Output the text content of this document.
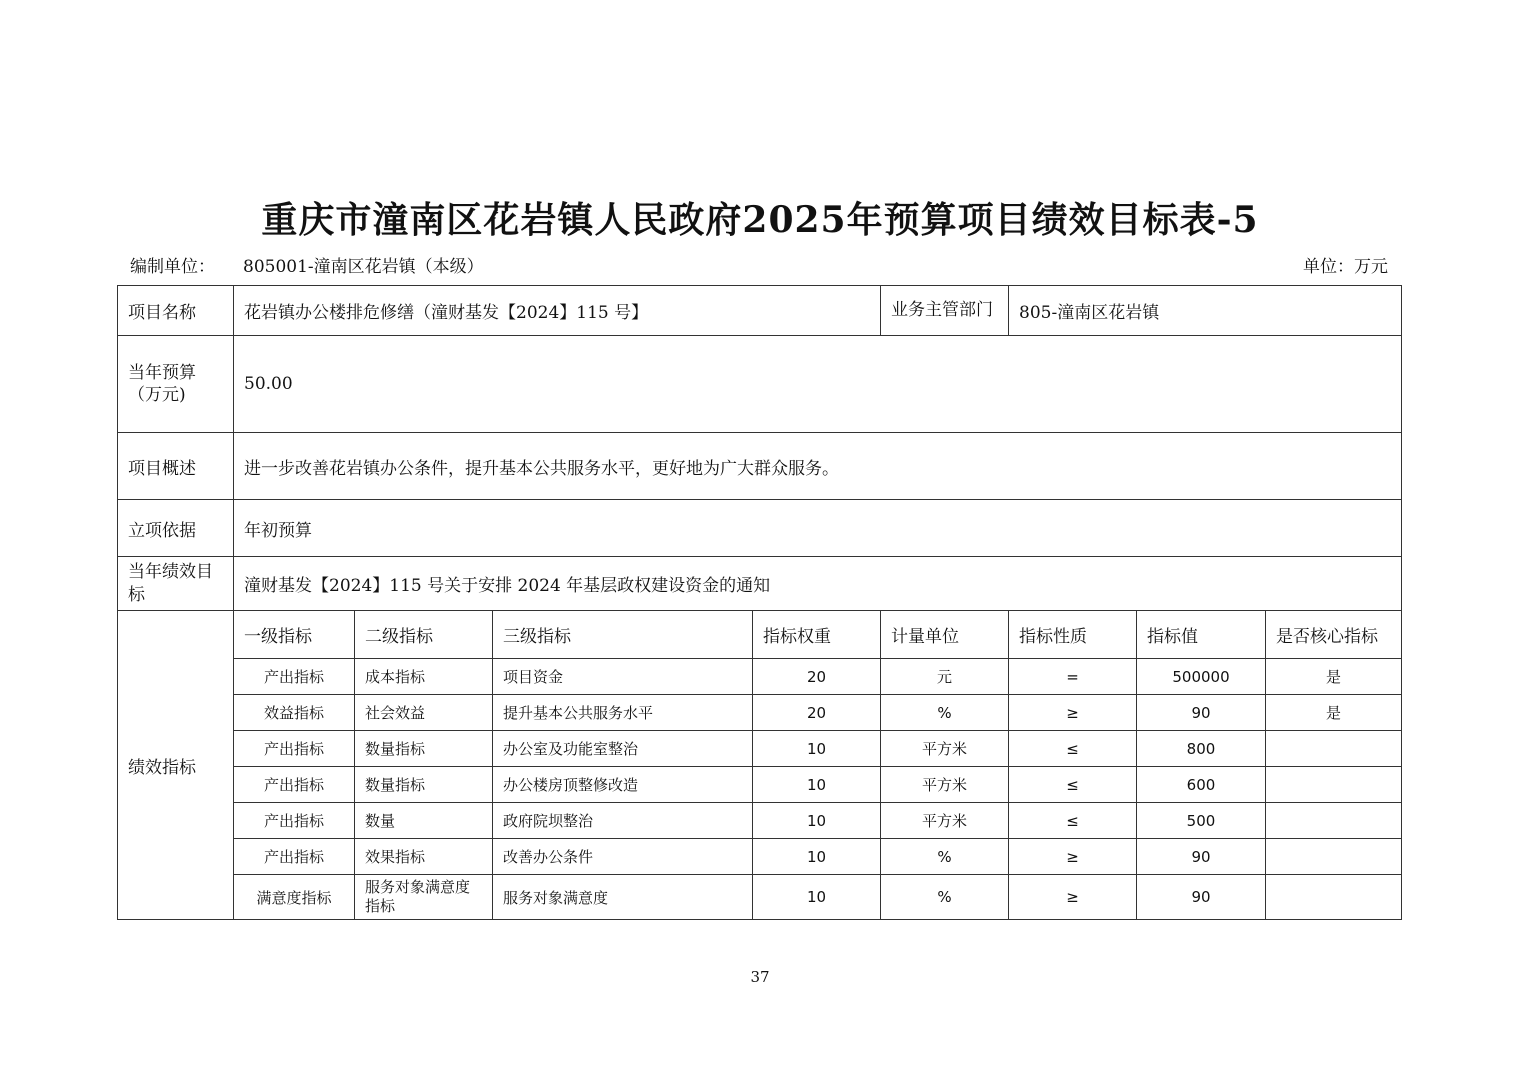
重庆市潼南区花岩镇人民政府2025年预算项目绩效目标表-5
编制单位： 805001-潼南区花岩镇（本级）	单位：万元
项目名称	花岩镇办公楼排危修缮（潼财基发【2024】115 号】				业务主管部门	805-潼南区花岩镇		
当年预算（万元)	50.00							
项目概述	进一步改善花岩镇办公条件，提升基本公共服务水平，更好地为广大群众服务。							
立项依据	年初预算							
当年绩效目标	潼财基发【2024】115 号关于安排 2024 年基层政权建设资金的通知							
绩效指标	一级指标	二级指标	三级指标	指标权重	计量单位	指标性质	指标值	是否核心指标
	产出指标	成本指标	项目资金	20	元	=	500000	是
	效益指标	社会效益	提升基本公共服务水平	20	%	≥	90	是
	产出指标	数量指标	办公室及功能室整治	10	平方米	≤	800	
	产出指标	数量指标	办公楼房顶整修改造	10	平方米	≤	600	
	产出指标	数量	政府院坝整治	10	平方米	≤	500	
	产出指标	效果指标	改善办公条件	10	%	≥	90	
	满意度指标	服务对象满意度指标	服务对象满意度	10	%	≥	90	
37
